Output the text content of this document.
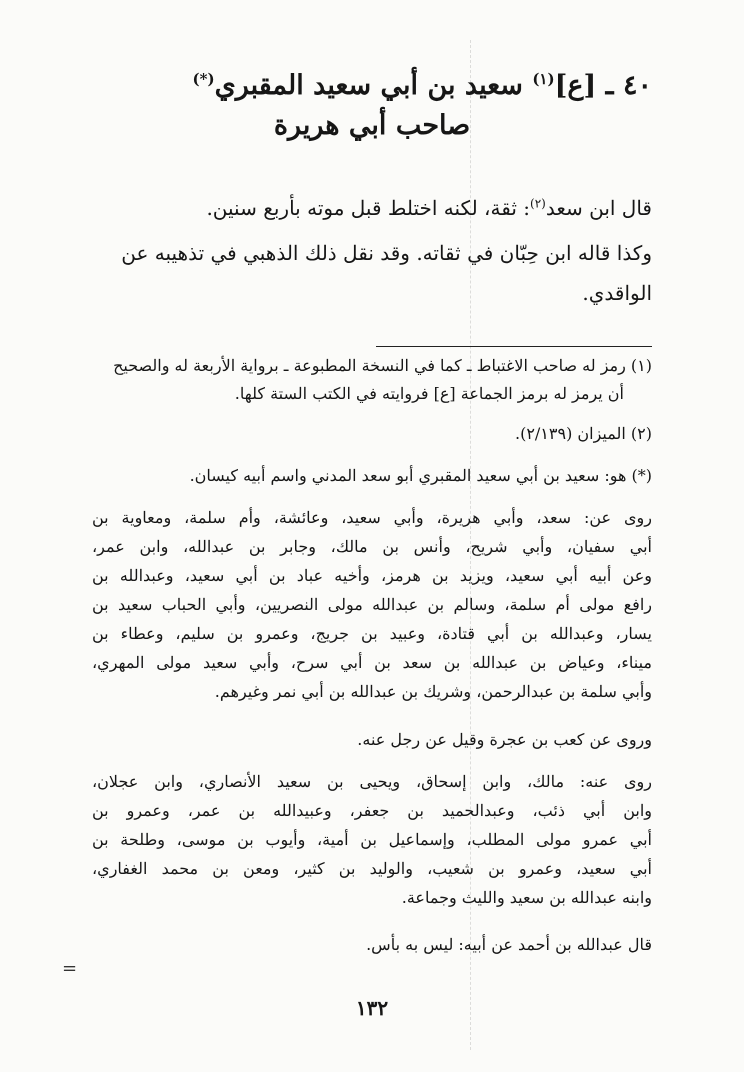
٤٠ ـ [ع]$^{(١)}$ سعيد بن أبي سعيد المقبري(*)
صاحب أبي هريرة
قال ابن سعد$^{(٢)}$: ثقة، لكنه اختلط قبل موته بأربع سنين.
وكذا قاله ابن حِبّان في ثقاته. وقد نقل ذلك الذهبي في تذهيبه عن
الواقدي.
(١) رمز له صاحب الاغتباط ـ كما في النسخة المطبوعة ـ برواية الأربعة له والصحيح
أن يرمز له برمز الجماعة [ع] فروايته في الكتب الستة كلها.
(٢) الميزان (٢/١٣٩).
(*) هو: سعيد بن أبي سعيد المقبري أبو سعد المدني واسم أبيه كيسان.
روى عن: سعد، وأبي هريرة، وأبي سعيد، وعائشة، وأم سلمة، ومعاوية بن
أبي سفيان، وأبي شريح، وأنس بن مالك، وجابر بن عبدالله، وابن عمر،
وعن أبيه أبي سعيد، ويزيد بن هرمز، وأخيه عباد بن أبي سعيد، وعبدالله بن
رافع مولى أم سلمة، وسالم بن عبدالله مولى النصريين، وأبي الحباب سعيد بن
يسار، وعبدالله بن أبي قتادة، وعبيد بن جريج، وعمرو بن سليم، وعطاء بن
ميناء، وعياض بن عبدالله بن سعد بن أبي سرح، وأبي سعيد مولى المهري،
وأبي سلمة بن عبدالرحمن، وشريك بن عبدالله بن أبي نمر وغيرهم.
وروى عن كعب بن عجرة وقيل عن رجل عنه.
روى عنه: مالك، وابن إسحاق، ويحيى بن سعيد الأنصاري، وابن عجلان،
وابن أبي ذئب، وعبدالحميد بن جعفر، وعبيدالله بن عمر، وعمرو بن
أبي عمرو مولى المطلب، وإسماعيل بن أمية، وأيوب بن موسى، وطلحة بن
أبي سعيد، وعمرو بن شعيب، والوليد بن كثير، ومعن بن محمد الغفاري،
وابنه عبدالله بن سعيد والليث وجماعة.
قال عبدالله بن أحمد عن أبيه: ليس به بأس.
=
١٣٢
